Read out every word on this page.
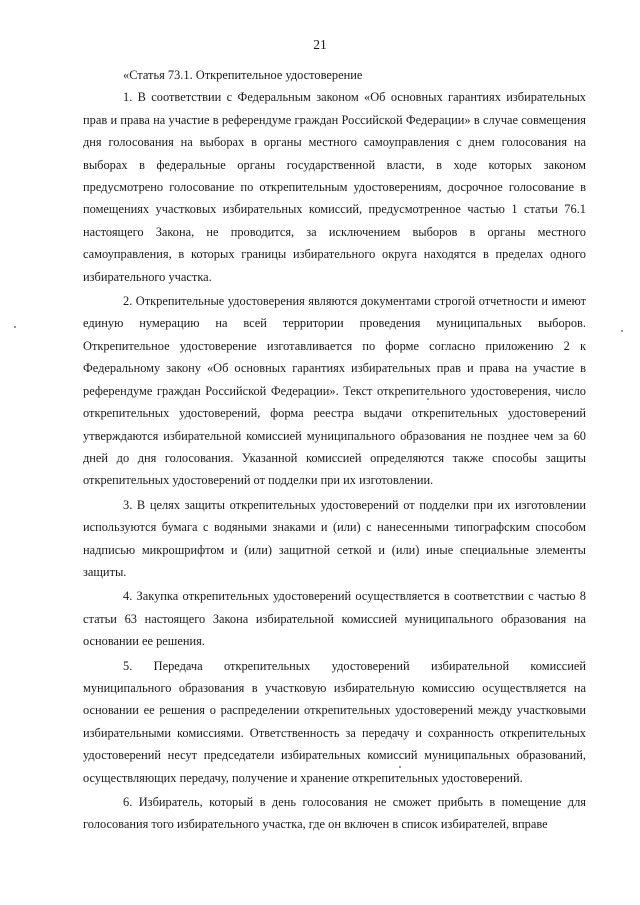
21

«Статья 73.1. Открепительное удостоверение

1. В соответствии с Федеральным законом «Об основных гарантиях избирательных прав и права на участие в референдуме граждан Российской Федерации» в случае совмещения дня голосования на выборах в органы местного самоуправления с днем голосования на выборах в федеральные органы государственной власти, в ходе которых законом предусмотрено голосование по открепительным удостоверениям, досрочное голосование в помещениях участковых избирательных комиссий, предусмотренное частью 1 статьи 76.1 настоящего Закона, не проводится, за исключением выборов в органы местного самоуправления, в которых границы избирательного округа находятся в пределах одного избирательного участка.

2. Открепительные удостоверения являются документами строгой отчетности и имеют единую нумерацию на всей территории проведения муниципальных выборов. Открепительное удостоверение изготавливается по форме согласно приложению 2 к Федеральному закону «Об основных гарантиях избирательных прав и права на участие в референдуме граждан Российской Федерации». Текст открепительного удостоверения, число открепительных удостоверений, форма реестра выдачи открепительных удостоверений утверждаются избирательной комиссией муниципального образования не позднее чем за 60 дней до дня голосования. Указанной комиссией определяются также способы защиты открепительных удостоверений от подделки при их изготовлении.

3. В целях защиты открепительных удостоверений от подделки при их изготовлении используются бумага с водяными знаками и (или) с нанесенными типографским способом надписью микрошрифтом и (или) защитной сеткой и (или) иные специальные элементы защиты.

4. Закупка открепительных удостоверений осуществляется в соответствии с частью 8 статьи 63 настоящего Закона избирательной комиссией муниципального образования на основании ее решения.

5. Передача открепительных удостоверений избирательной комиссией муниципального образования в участковую избирательную комиссию осуществляется на основании ее решения о распределении открепительных удостоверений между участковыми избирательными комиссиями. Ответственность за передачу и сохранность открепительных удостоверений несут председатели избирательных комиссий муниципальных образований, осуществляющих передачу, получение и хранение открепительных удостоверений.

6. Избиратель, который в день голосования не сможет прибыть в помещение для голосования того избирательного участка, где он включен в список избирателей, вправе
